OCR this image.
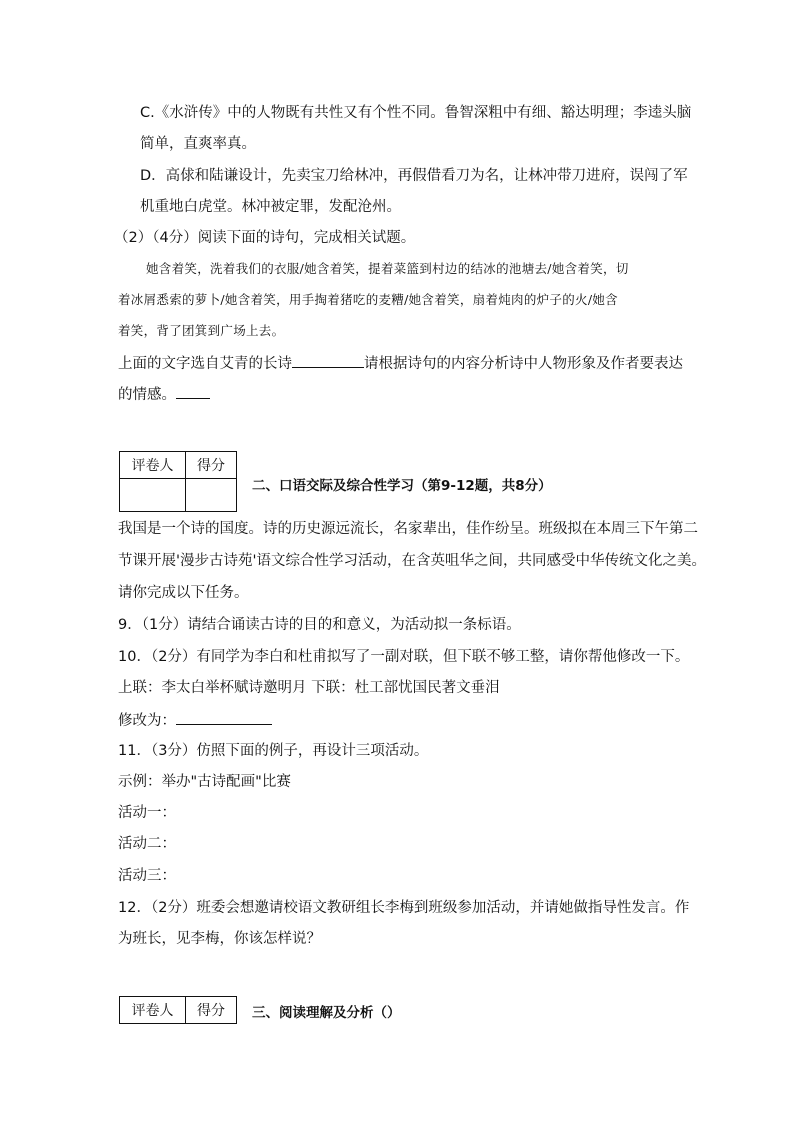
C.《水浒传》中的人物既有共性又有个性不同。鲁智深粗中有细、豁达明理；李逵头脑
简单，直爽率真。
D．高俅和陆谦设计，先卖宝刀给林冲，再假借看刀为名，让林冲带刀进府，误闯了军
机重地白虎堂。林冲被定罪，发配沧州。
（2）（4分）阅读下面的诗句，完成相关试题。
她含着笑，洗着我们的衣服/她含着笑，提着菜篮到村边的结冰的池塘去/她含着笑，切
着冰屑悉索的萝卜/她含着笑，用手掏着猪吃的麦糟/她含着笑，扇着炖肉的炉子的火/她含
着笑，背了团箕到广场上去。
上面的文字选自艾青的长诗	请根据诗句的内容分析诗中人物形象及作者要表达
的情感。
评卷人	得分

二、口语交际及综合性学习（第9-12题，共8分）
我国是一个诗的国度。诗的历史源远流长，名家辈出，佳作纷呈。班级拟在本周三下午第二
节课开展'漫步古诗苑'语文综合性学习活动，在含英咀华之间，共同感受中华传统文化之美。
请你完成以下任务。
9．（1分）请结合诵读古诗的目的和意义，为活动拟一条标语。
10．（2分）有同学为李白和杜甫拟写了一副对联，但下联不够工整，请你帮他修改一下。
上联：李太白举杯赋诗邀明月 下联：杜工部忧国民著文垂泪
修改为：
11．（3分）仿照下面的例子，再设计三项活动。
示例：举办"古诗配画"比赛
活动一：
活动二：
活动三：
12．（2分）班委会想邀请校语文教研组长李梅到班级参加活动，并请她做指导性发言。作
为班长，见李梅，你该怎样说？
评卷人	得分 三、阅读理解及分析（）
